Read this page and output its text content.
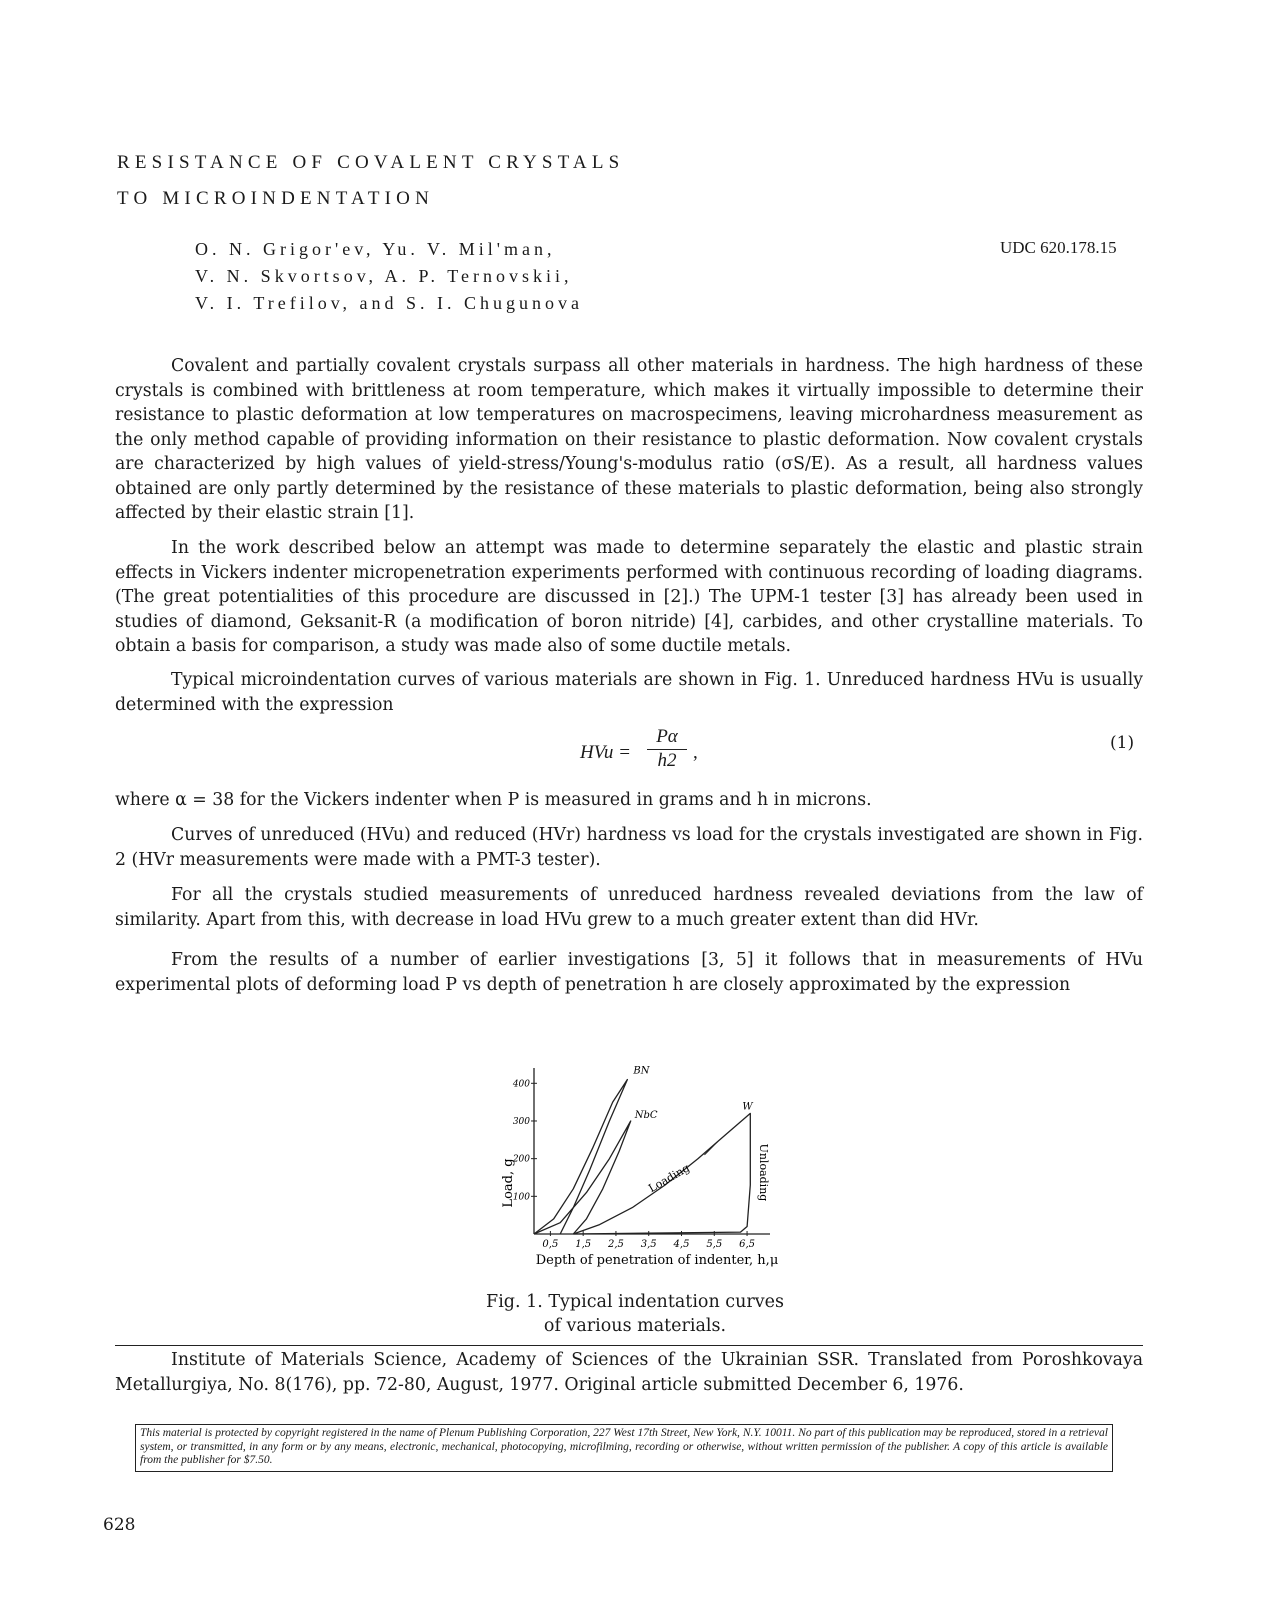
RESISTANCE OF COVALENT CRYSTALS
TO MICROINDENTATION
O. N. Grigor'ev, Yu. V. Mil'man,
V. N. Skvortsov, A. P. Ternovskii,
V. I. Trefilov, and S. I. Chugunova
UDC 620.178.15
Covalent and partially covalent crystals surpass all other materials in hardness. The high hardness of these crystals is combined with brittleness at room temperature, which makes it virtually impossible to determine their resistance to plastic deformation at low temperatures on macrospecimens, leaving microhardness measurement as the only method capable of providing information on their resistance to plastic deformation. Now covalent crystals are characterized by high values of yield-stress/Young's-modulus ratio (σS/E). As a result, all hardness values obtained are only partly determined by the resistance of these materials to plastic deformation, being also strongly affected by their elastic strain [1].
In the work described below an attempt was made to determine separately the elastic and plastic strain effects in Vickers indenter micropenetration experiments performed with continuous recording of loading diagrams. (The great potentialities of this procedure are discussed in [2].) The UPM-1 tester [3] has already been used in studies of diamond, Geksanit-R (a modification of boron nitride) [4], carbides, and other crystalline materials. To obtain a basis for comparison, a study was made also of some ductile metals.
Typical microindentation curves of various materials are shown in Fig. 1. Unreduced hardness HVu is usually determined with the expression
HVu = $\frac{P\alpha}{h2}$ ,	(1)
where α = 38 for the Vickers indenter when P is measured in grams and h in microns.
Curves of unreduced (HVu) and reduced (HVr) hardness vs load for the crystals investigated are shown in Fig. 2 (HVr measurements were made with a PMT-3 tester).
For all the crystals studied measurements of unreduced hardness revealed deviations from the law of similarity. Apart from this, with decrease in load HVu grew to a much greater extent than did HVr.
From the results of a number of earlier investigations [3, 5] it follows that in measurements of HVu experimental plots of deforming load P vs depth of penetration h are closely approximated by the expression
100
200
300
400
0,5 1,5 2,5 3,5 4,5 5,5 6,5
Depth of penetration of indenter, h,μ
Load, g
BN
NbC
W
Loading	Unloading
Fig. 1. Typical indentation curves
of various materials.
Institute of Materials Science, Academy of Sciences of the Ukrainian SSR. Translated from Poroshkovaya Metallurgiya, No. 8(176), pp. 72-80, August, 1977. Original article submitted December 6, 1976.
This material is protected by copyright registered in the name of Plenum Publishing Corporation, 227 West 17th Street, New York, N.Y. 10011. No part of this publication may be reproduced, stored in a retrieval system, or transmitted, in any form or by any means, electronic, mechanical, photocopying, microfilming, recording or otherwise, without written permission of the publisher. A copy of this article is available from the publisher for $7.50.
628
